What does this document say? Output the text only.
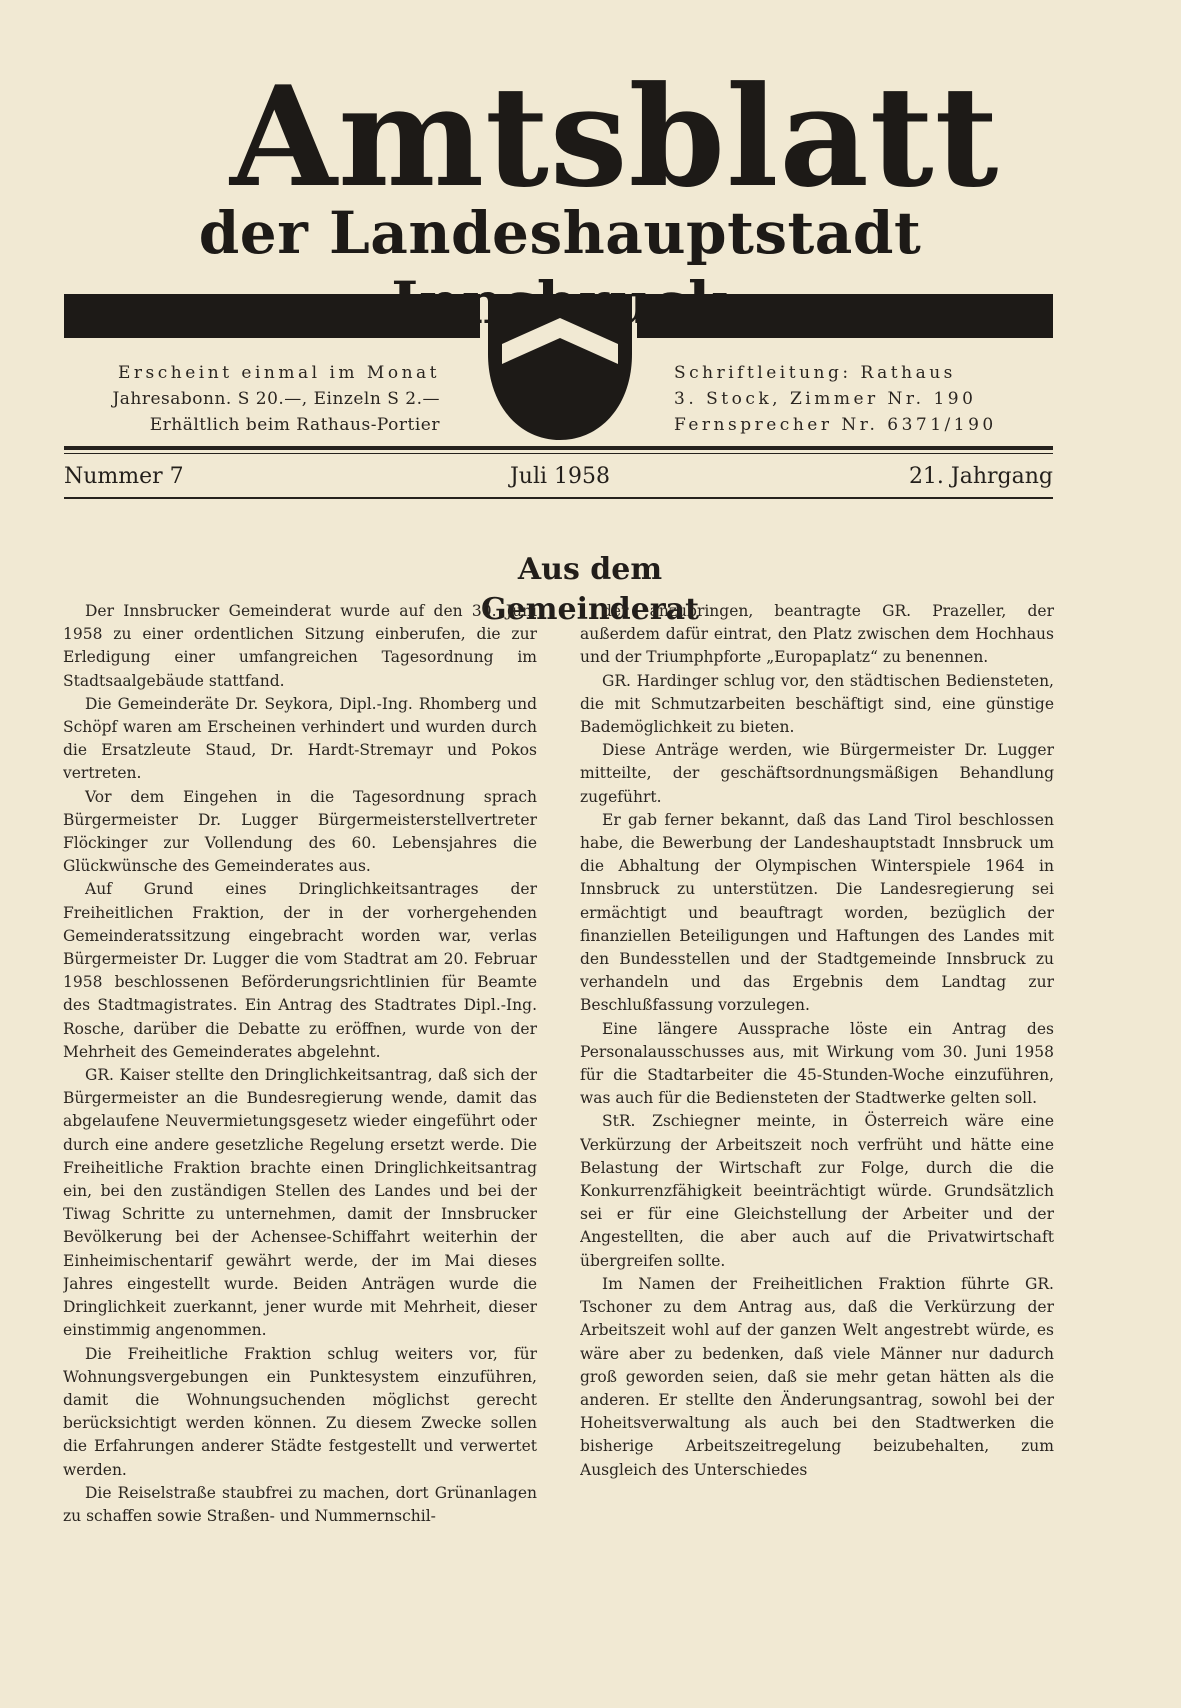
Amtsblatt
der Landeshauptstadt
Erscheint einmal im Monat
Jahresabonn. S 20.—, Einzeln S 2.—
Erhältlich beim Rathaus-Portier
Schriftleitung: Rathaus
3. Stock, Zimmer Nr. 190
Fernsprecher Nr. 6371/190
Nummer 7	Juli 1958	21. Jahrgang
Aus dem Gemeinderat

Der Innsbrucker Gemeinderat wurde auf den 30. Juni 1958 zu einer ordentlichen Sitzung einberufen, die zur Erledigung einer umfangreichen Tagesordnung im Stadtsaalgebäude stattfand.

Die Gemeinderäte Dr. Seykora, Dipl.-Ing. Rhomberg und Schöpf waren am Erscheinen verhindert und wurden durch die Ersatzleute Staud, Dr. Hardt-Stremayr und Pokos vertreten.

Vor dem Eingehen in die Tagesordnung sprach Bürgermeister Dr. Lugger Bürgermeisterstellvertreter Flöckinger zur Vollendung des 60. Lebensjahres die Glückwünsche des Gemeinderates aus.

Auf Grund eines Dringlichkeitsantrages der Freiheitlichen Fraktion, der in der vorhergehenden Gemeinderatssitzung eingebracht worden war, verlas Bürgermeister Dr. Lugger die vom Stadtrat am 20. Februar 1958 beschlossenen Beförderungsrichtlinien für Beamte des Stadtmagistrates. Ein Antrag des Stadtrates Dipl.-Ing. Rosche, darüber die Debatte zu eröffnen, wurde von der Mehrheit des Gemeinderates abgelehnt.

GR. Kaiser stellte den Dringlichkeitsantrag, daß sich der Bürgermeister an die Bundesregierung wende, damit das abgelaufene Neuvermietungsgesetz wieder eingeführt oder durch eine andere gesetzliche Regelung ersetzt werde. Die Freiheitliche Fraktion brachte einen Dringlichkeitsantrag ein, bei den zuständigen Stellen des Landes und bei der Tiwag Schritte zu unternehmen, damit der Innsbrucker Bevölkerung bei der Achensee-Schiffahrt weiterhin der Einheimischentarif gewährt werde, der im Mai dieses Jahres eingestellt wurde. Beiden Anträgen wurde die Dringlichkeit zuerkannt, jener wurde mit Mehrheit, dieser einstimmig angenommen.

Die Freiheitliche Fraktion schlug weiters vor, für Wohnungsvergebungen ein Punktesystem einzuführen, damit die Wohnungsuchenden möglichst gerecht berücksichtigt werden können. Zu diesem Zwecke sollen die Erfahrungen anderer Städte festgestellt und verwertet werden.

Die Reiselstraße staubfrei zu machen, dort Grünanlagen zu schaffen sowie Straßen- und Nummernschil-

der anzubringen, beantragte GR. Prazeller, der außerdem dafür eintrat, den Platz zwischen dem Hochhaus und der Triumphpforte „Europaplatz“ zu benennen.

GR. Hardinger schlug vor, den städtischen Bediensteten, die mit Schmutzarbeiten beschäftigt sind, eine günstige Bademöglichkeit zu bieten.

Diese Anträge werden, wie Bürgermeister Dr. Lugger mitteilte, der geschäftsordnungsmäßigen Behandlung zugeführt.

Er gab ferner bekannt, daß das Land Tirol beschlossen habe, die Bewerbung der Landeshauptstadt Innsbruck um die Abhaltung der Olympischen Winterspiele 1964 in Innsbruck zu unterstützen. Die Landesregierung sei ermächtigt und beauftragt worden, bezüglich der finanziellen Beteiligungen und Haftungen des Landes mit den Bundesstellen und der Stadtgemeinde Innsbruck zu verhandeln und das Ergebnis dem Landtag zur Beschlußfassung vorzulegen.

Eine längere Aussprache löste ein Antrag des Personalausschusses aus, mit Wirkung vom 30. Juni 1958 für die Stadtarbeiter die 45-Stunden-Woche einzuführen, was auch für die Bediensteten der Stadtwerke gelten soll.

StR. Zschiegner meinte, in Österreich wäre eine Verkürzung der Arbeitszeit noch verfrüht und hätte eine Belastung der Wirtschaft zur Folge, durch die die Konkurrenzfähigkeit beeinträchtigt würde. Grundsätzlich sei er für eine Gleichstellung der Arbeiter und der Angestellten, die aber auch auf die Privatwirtschaft übergreifen sollte.

Im Namen der Freiheitlichen Fraktion führte GR. Tschoner zu dem Antrag aus, daß die Verkürzung der Arbeitszeit wohl auf der ganzen Welt angestrebt würde, es wäre aber zu bedenken, daß viele Männer nur dadurch groß geworden seien, daß sie mehr getan hätten als die anderen. Er stellte den Änderungsantrag, sowohl bei der Hoheitsverwaltung als auch bei den Stadtwerken die bisherige Arbeitszeitregelung beizubehalten, zum Ausgleich des Unterschiedes
